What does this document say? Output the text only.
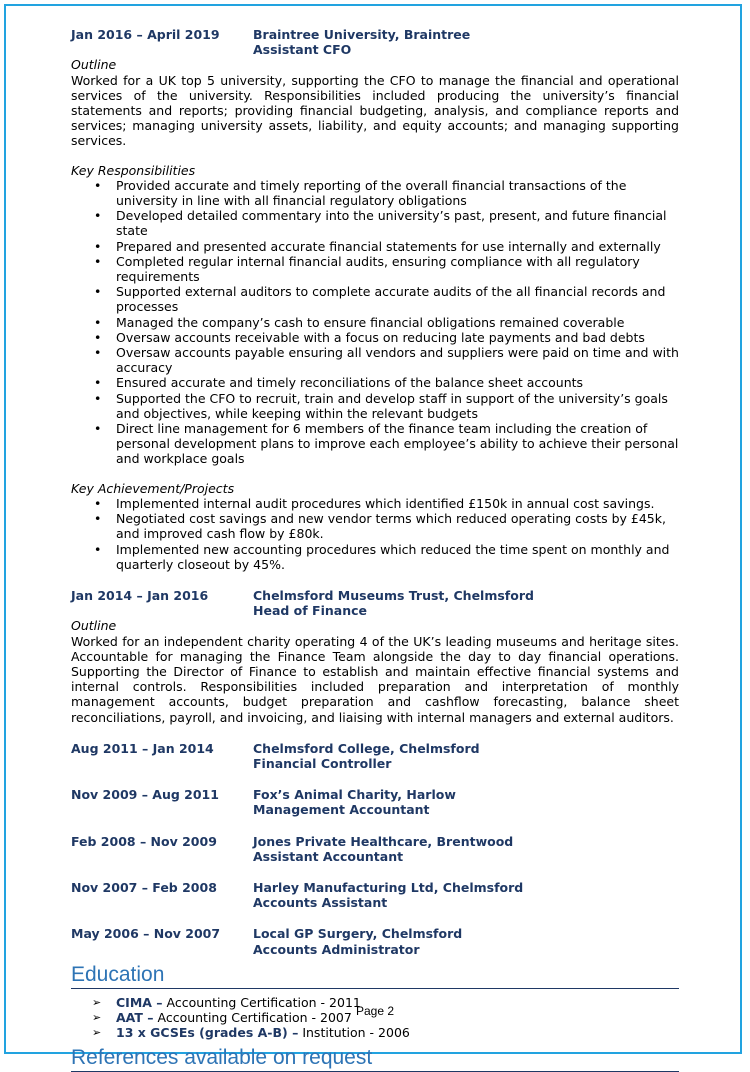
Jan 2016 – April 2019	Braintree University, Braintree
Assistant CFO
Outline
Worked for a UK top 5 university, supporting the CFO to manage the financial and operational services of the university. Responsibilities included producing the university’s financial statements and reports; providing financial budgeting, analysis, and compliance reports and services; managing university assets, liability, and equity accounts; and managing supporting services.
Key Responsibilities
• Provided accurate and timely reporting of the overall financial transactions of the university in line with all financial regulatory obligations
• Developed detailed commentary into the university’s past, present, and future financial state
• Prepared and presented accurate financial statements for use internally and externally
• Completed regular internal financial audits, ensuring compliance with all regulatory requirements
• Supported external auditors to complete accurate audits of the all financial records and processes
• Managed the company’s cash to ensure financial obligations remained coverable
• Oversaw accounts receivable with a focus on reducing late payments and bad debts
• Oversaw accounts payable ensuring all vendors and suppliers were paid on time and with accuracy
• Ensured accurate and timely reconciliations of the balance sheet accounts
• Supported the CFO to recruit, train and develop staff in support of the university’s goals and objectives, while keeping within the relevant budgets
• Direct line management for 6 members of the finance team including the creation of personal development plans to improve each employee’s ability to achieve their personal and workplace goals
Key Achievement/Projects
• Implemented internal audit procedures which identified £150k in annual cost savings.
• Negotiated cost savings and new vendor terms which reduced operating costs by £45k, and improved cash flow by £80k.
• Implemented new accounting procedures which reduced the time spent on monthly and quarterly closeout by 45%.
Jan 2014 – Jan 2016	Chelmsford Museums Trust, Chelmsford
Head of Finance
Outline
Worked for an independent charity operating 4 of the UK’s leading museums and heritage sites. Accountable for managing the Finance Team alongside the day to day financial operations. Supporting the Director of Finance to establish and maintain effective financial systems and internal controls. Responsibilities included preparation and interpretation of monthly management accounts, budget preparation and cashflow forecasting, balance sheet reconciliations, payroll, and invoicing, and liaising with internal managers and external auditors.
Aug 2011 – Jan 2014	Chelmsford College, Chelmsford
Financial Controller
Nov 2009 – Aug 2011	Fox’s Animal Charity, Harlow
Management Accountant
Feb 2008 – Nov 2009	Jones Private Healthcare, Brentwood
Assistant Accountant
Nov 2007 – Feb 2008	Harley Manufacturing Ltd, Chelmsford
Accounts Assistant
May 2006 – Nov 2007	Local GP Surgery, Chelmsford
Accounts Administrator
Education
➢ CIMA – Accounting Certification - 2011
➢ AAT – Accounting Certification - 2007
➢ 13 x GCSEs (grades A-B) – Institution - 2006
References available on request
Page 2
